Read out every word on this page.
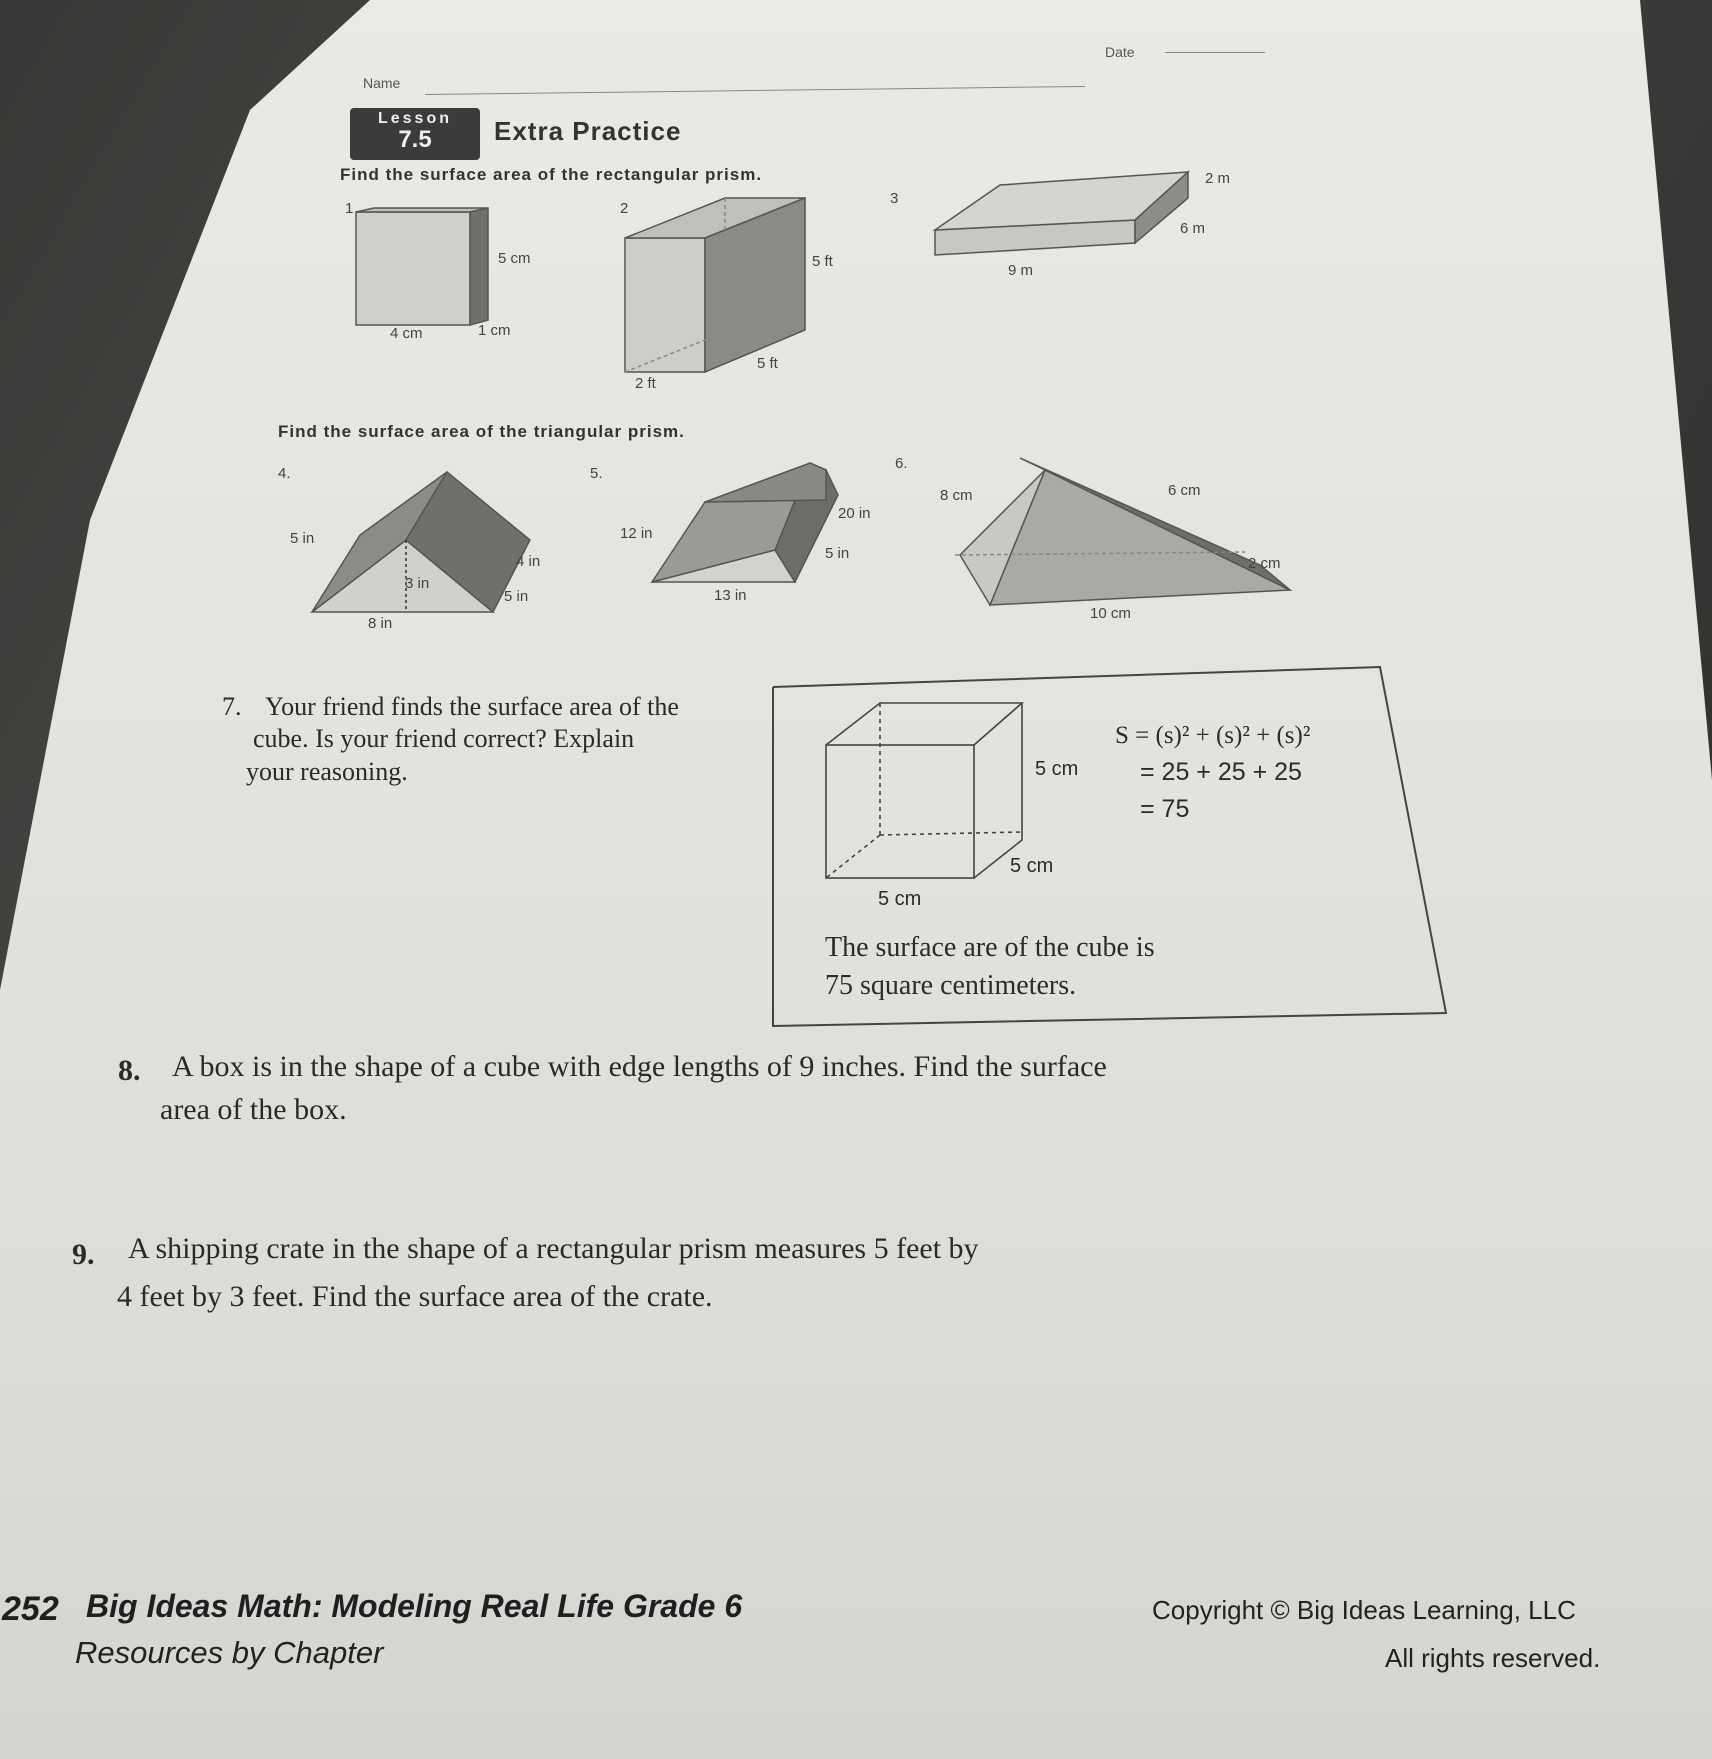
Name
Date
Lesson
7.5	Extra Practice
Find the surface area of the rectangular prism.
1
5 cm
4 cm	1 cm
2
5 ft
5 ft
2 ft
3
2 m
6 m
9 m
Find the surface area of the triangular prism.
4.
5 in
4 in
3 in
5 in
8 in
5.
20 in
12 in
5 in
13 in
6.
8 cm	6 cm
2 cm
10 cm
7. Your friend finds the surface area of the
cube. Is your friend correct? Explain
your reasoning.	5 cm
5 cm
5 cm
S = (s)² + (s)² + (s)²
= 25 + 25 + 25
= 75
The surface are of the cube is
75 square centimeters.
8. A box is in the shape of a cube with edge lengths of 9 inches. Find the surface
area of the box.
9. A shipping crate in the shape of a rectangular prism measures 5 feet by
4 feet by 3 feet. Find the surface area of the crate.
252 Big Ideas Math: Modeling Real Life Grade 6
Resources by Chapter
Copyright © Big Ideas Learning, LLC
All rights reserved.
